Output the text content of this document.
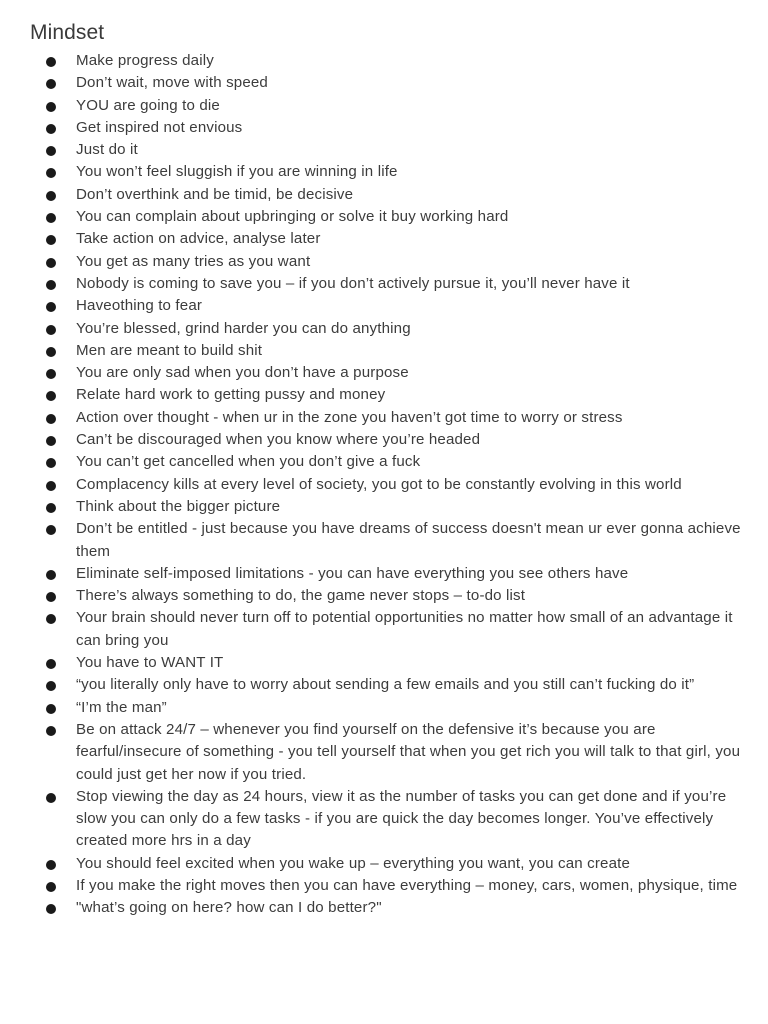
Mindset
Make progress daily
Don’t wait, move with speed
YOU are going to die
Get inspired not envious
Just do it
You won’t feel sluggish if you are winning in life
Don’t overthink and be timid, be decisive
You can complain about upbringing or solve it buy working hard
Take action on advice, analyse later
You get as many tries as you want
Nobody is coming to save you – if you don’t actively pursue it, you’ll never have it
Haveothing to fear
You’re blessed, grind harder you can do anything
Men are meant to build shit
You are only sad when you don’t have a purpose
Relate hard work to getting pussy and money
Action over thought - when ur in the zone you haven’t got time to worry or stress
Can’t be discouraged when you know where you’re headed
You can’t get cancelled when you don’t give a fuck
Complacency kills at every level of society, you got to be constantly evolving in this world
Think about the bigger picture
Don’t be entitled - just because you have dreams of success doesn't mean ur ever gonna achieve them
Eliminate self-imposed limitations - you can have everything you see others have
There’s always something to do, the game never stops – to-do list
Your brain should never turn off to potential opportunities no matter how small of an advantage it can bring you
You have to WANT IT
“you literally only have to worry about sending a few emails and you still can’t fucking do it”
“I’m the man”
Be on attack 24/7 – whenever you find yourself on the defensive it’s because you are fearful/insecure of something - you tell yourself that when you get rich you will talk to that girl, you could just get her now if you tried.
Stop viewing the day as 24 hours, view it as the number of tasks you can get done and if you’re slow you can only do a few tasks - if you are quick the day becomes longer. You’ve effectively created more hrs in a day
You should feel excited when you wake up – everything you want, you can create
If you make the right moves then you can have everything – money, cars, women, physique, time
"what’s going on here? how can I do better?"
